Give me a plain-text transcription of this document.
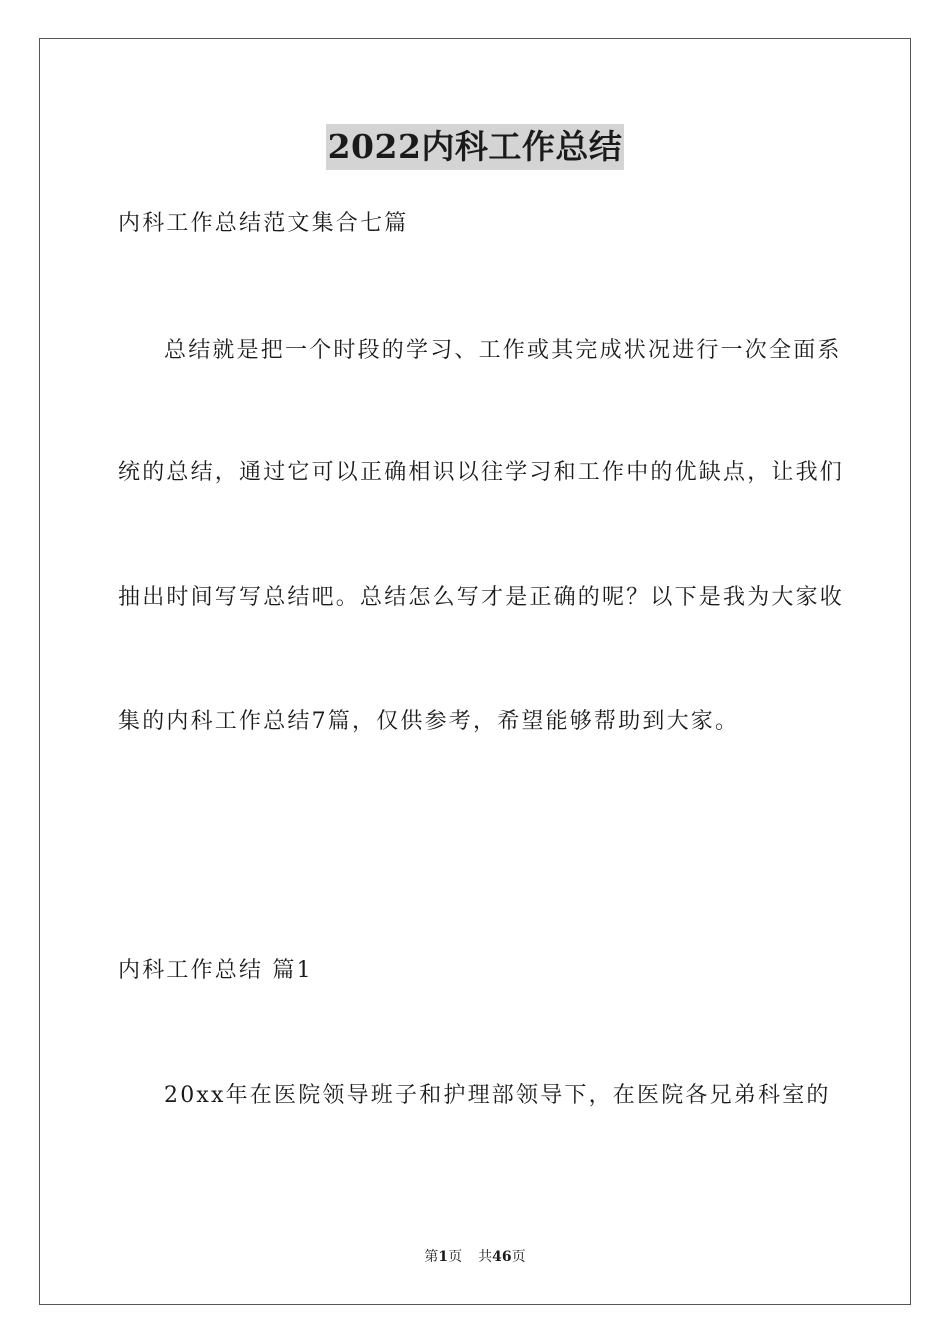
2022内科工作总结
内科工作总结范文集合七篇
总结就是把一个时段的学习、工作或其完成状况进行一次全面系
统的总结，通过它可以正确相识以往学习和工作中的优缺点，让我们
抽出时间写写总结吧。总结怎么写才是正确的呢？以下是我为大家收
集的内科工作总结7篇，仅供参考，希望能够帮助到大家。
内科工作总结 篇1
20xx年在医院领导班子和护理部领导下，在医院各兄弟科室的
第1页 共46页
